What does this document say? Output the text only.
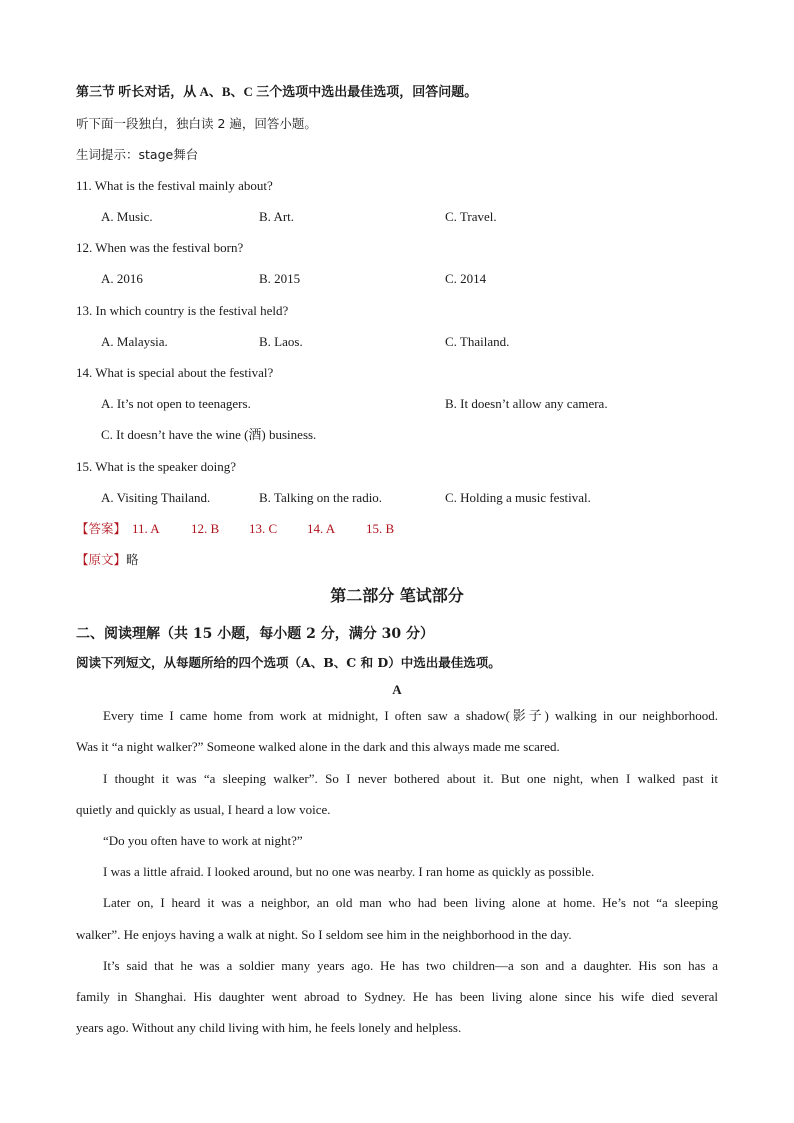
第三节 听长对话，从 A、B、C 三个选项中选出最佳选项，回答问题。
听下面一段独白，独白读 2 遍，回答小题。
生词提示：stage舞台
11. What is the festival mainly about?
A. Music.	B. Art.	C. Travel.
12. When was the festival born?
A. 2016	B. 2015	C. 2014
13. In which country is the festival held?
A. Malaysia.	B. Laos.	C. Thailand.
14. What is special about the festival?
A. It’s not open to teenagers.	B. It doesn’t allow any camera.
C. It doesn’t have the wine (酒) business.
15. What is the speaker doing?
A. Visiting Thailand.	B. Talking on the radio.	C. Holding a music festival.
【答案】 11. A 12. B 13. C 14. A 15. B
【原文】略
第二部分 笔试部分
二、阅读理解（共 15 小题，每小题 2 分，满分 30 分）
阅读下列短文，从每题所给的四个选项（A、B、C 和 D）中选出最佳选项。
A
Every time I came home from work at midnight, I often saw a shadow(影子) walking in our neighborhood.
Was it “a night walker?” Someone walked alone in the dark and this always made me scared.
I thought it was “a sleeping walker”. So I never bothered about it. But one night, when I walked past it
quietly and quickly as usual, I heard a low voice.
“Do you often have to work at night?”
I was a little afraid. I looked around, but no one was nearby. I ran home as quickly as possible.
Later on, I heard it was a neighbor, an old man who had been living alone at home. He’s not “a sleeping
walker”. He enjoys having a walk at night. So I seldom see him in the neighborhood in the day.
It’s said that he was a soldier many years ago. He has two children—a son and a daughter. His son has a
family in Shanghai. His daughter went abroad to Sydney. He has been living alone since his wife died several
years ago. Without any child living with him, he feels lonely and helpless.
